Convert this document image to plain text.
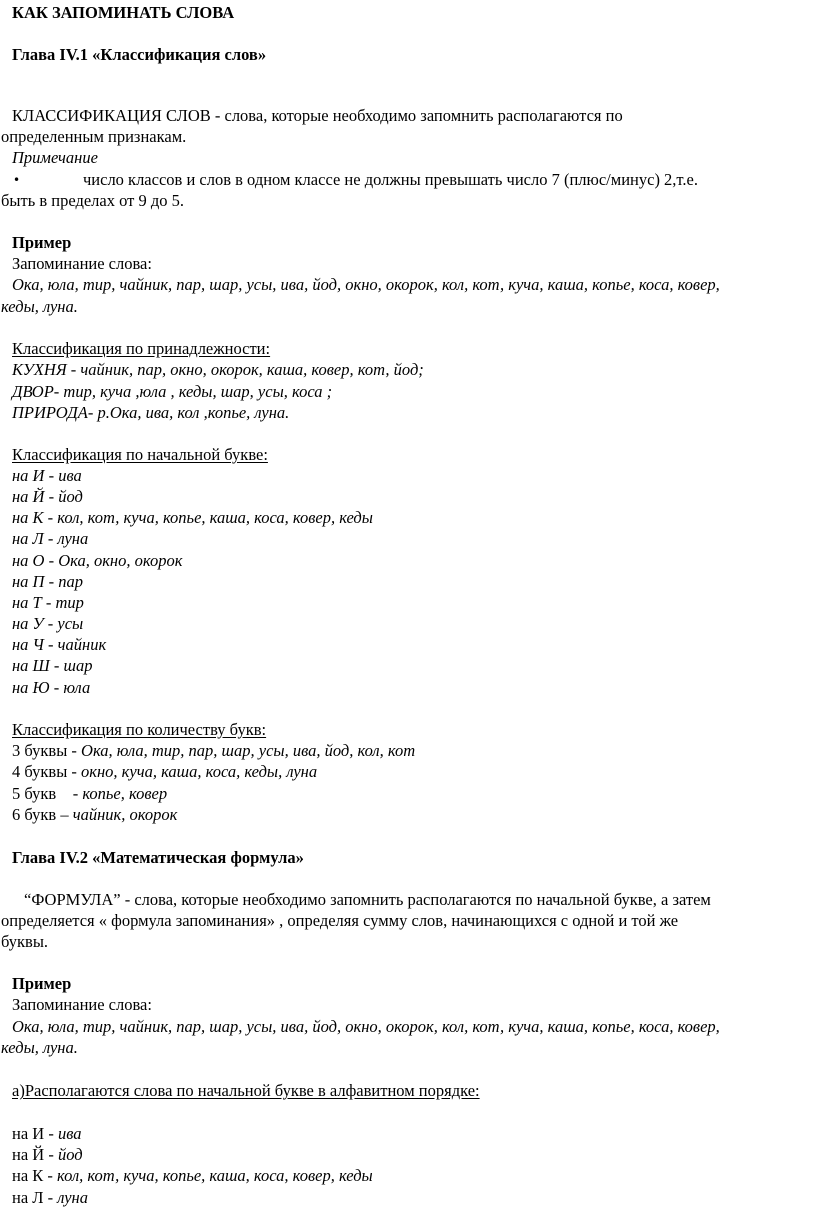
КАК ЗАПОМИНАТЬ СЛОВА
Глава IV.1 «Классификация слов»
КЛАССИФИКАЦИЯ СЛОВ - слова, которые необходимо запомнить располагаются по
определенным признакам.
Примечание
•	число классов и слов в одном классе не должны превышать число 7 (плюс/минус) 2,т.е.
быть в пределах от 9 до 5.
Пример
Запоминание слова:
Ока, юла, тир, чайник, пар, шар, усы, ива, йод, окно, окорок, кол, кот, куча, каша, копье, коса, ковер,
кеды, луна.
Классификация по принадлежности:
КУХНЯ - чайник, пар, окно, окорок, каша, ковер, кот, йод;
ДВОР- тир, куча ,юла , кеды, шар, усы, коса ;
ПРИРОДА- р.Ока, ива, кол ,копье, луна.
Классификация по начальной букве:
на И - ива
на Й - йод
на К - кол, кот, куча, копье, каша, коса, ковер, кеды
на Л - луна
на О - Ока, окно, окорок
на П - пар
на Т - тир
на У - усы
на Ч - чайник
на Ш - шар
на Ю - юла
Классификация по количеству букв:
3 буквы - Ока, юла, тир, пар, шар, усы, ива, йод, кол, кот
4 буквы - окно, куча, каша, коса, кеды, луна
5 букв    - копье, ковер
6 букв – чайник, окорок
Глава IV.2 «Математическая формула»
“ФОРМУЛА” - слова, которые необходимо запомнить располагаются по начальной букве, а затем
определяется « формула запоминания» , определяя сумму слов, начинающихся с одной и той же
буквы.
Пример
Запоминание слова:
Ока, юла, тир, чайник, пар, шар, усы, ива, йод, окно, окорок, кол, кот, куча, каша, копье, коса, ковер,
кеды, луна.
а)Располагаются слова по начальной букве в алфавитном порядке:
на И - ива
на Й - йод
на К - кол, кот, куча, копье, каша, коса, ковер, кеды
на Л - луна
